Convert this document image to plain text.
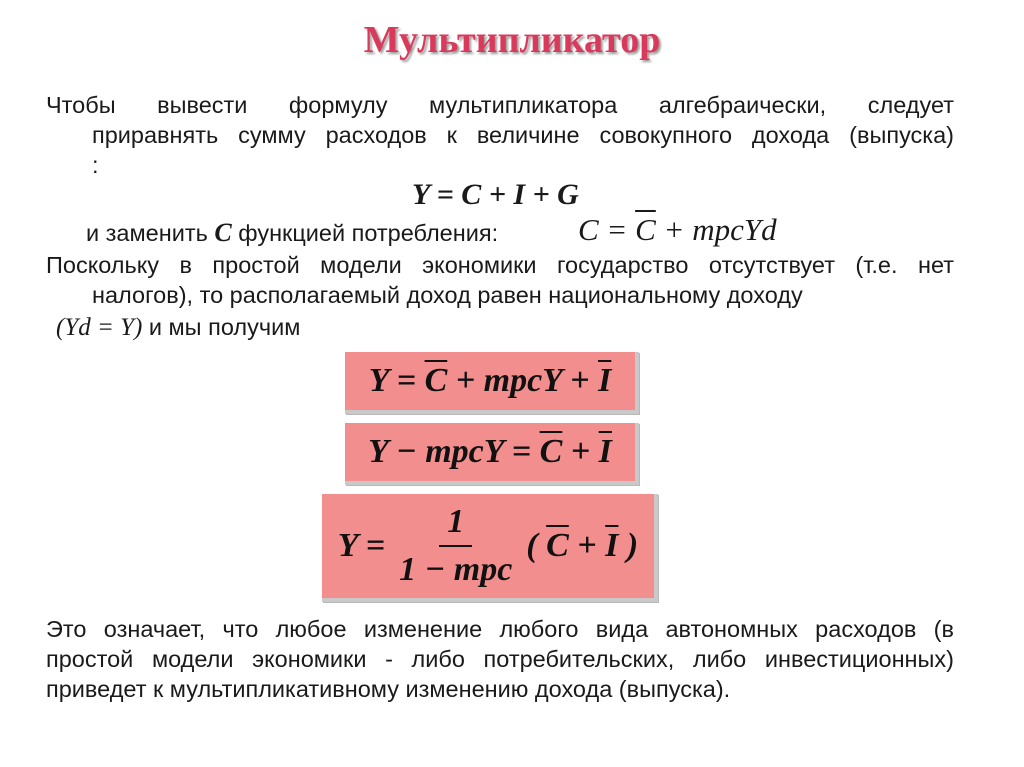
Мультипликатор
Чтобы вывести формулу мультипликатора алгебраически, следует
приравнять сумму расходов к величине совокупного дохода (выпуска)
:
Y = C + I + G
и заменить C функцией потребления:	$C = \overline{C}$ + mpcYd
Поскольку в простой модели экономики государство отсутствует (т.е. нет
налогов), то располагаемый доход равен национальному доходу
(Yd = Y) и мы получим
Y =
$\overline{C}$
+ mpcY +
$\overline{I}$
Y − mpcY =
$\overline{C}$
+
$\overline{I}$
$Y = \frac{1}{\text{1 − mpc}}$ (
$\overline{C}$
+
$\overline{I}$
)
Это означает, что любое изменение любого вида автономных расходов (в
простой модели экономики - либо потребительских, либо инвестиционных)
приведет к мультипликативному изменению дохода (выпуска).
